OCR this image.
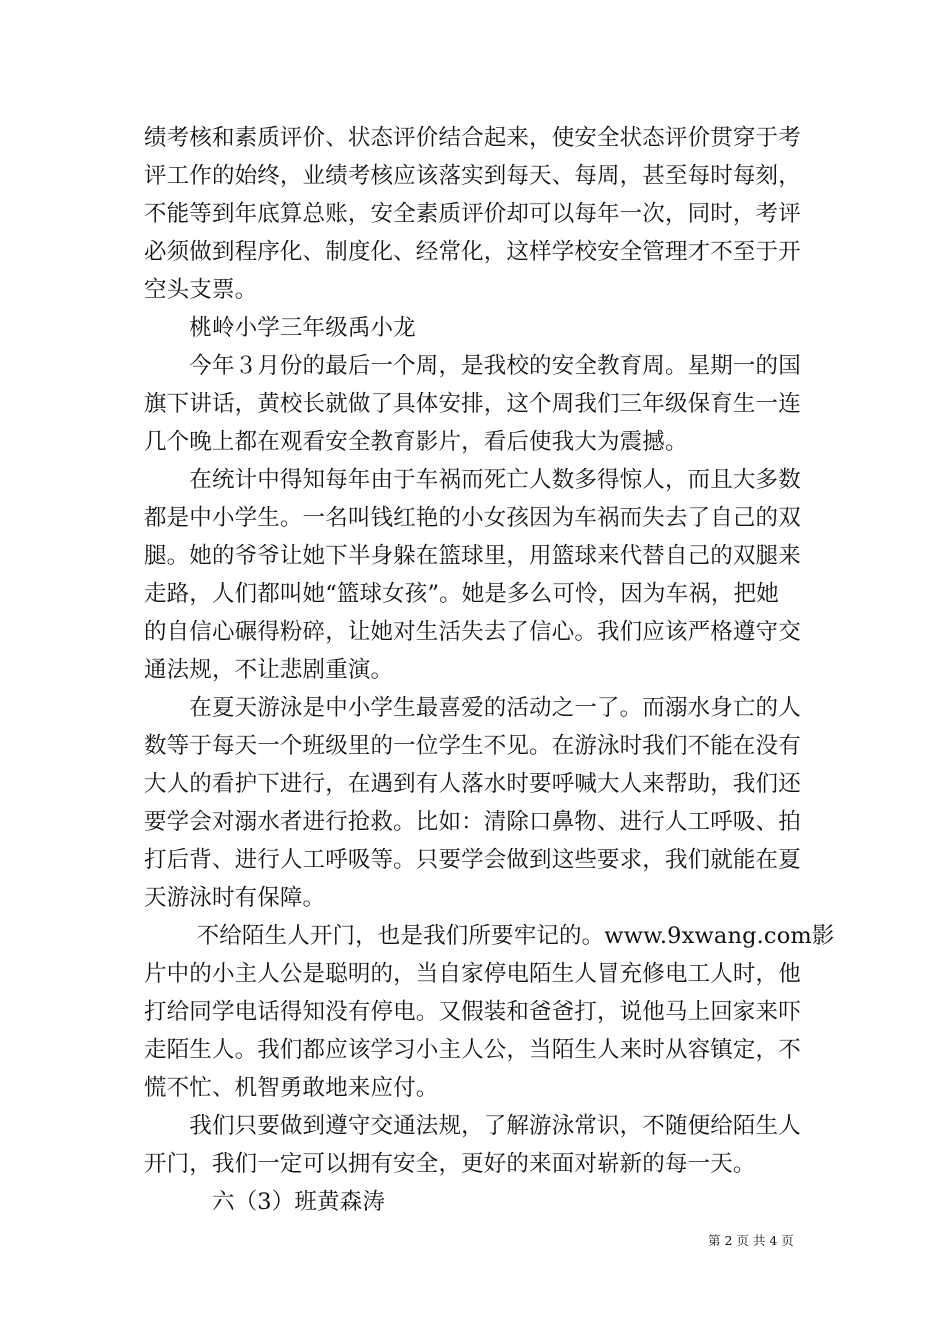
绩考核和素质评价、状态评价结合起来，使安全状态评价贯穿于考
评工作的始终，业绩考核应该落实到每天、每周，甚至每时每刻，
不能等到年底算总账，安全素质评价却可以每年一次，同时，考评
必须做到程序化、制度化、经常化，这样学校安全管理才不至于开
空头支票。
　　桃岭小学三年级禹小龙
　　今年３月份的最后一个周，是我校的安全教育周。星期一的国
旗下讲话，黄校长就做了具体安排，这个周我们三年级保育生一连
几个晚上都在观看安全教育影片，看后使我大为震撼。
　　在统计中得知每年由于车祸而死亡人数多得惊人，而且大多数
都是中小学生。一名叫钱红艳的小女孩因为车祸而失去了自己的双
腿。她的爷爷让她下半身躲在篮球里，用篮球来代替自己的双腿来
走路，人们都叫她“篮球女孩”。她是多么可怜，因为车祸，把她
的自信心碾得粉碎，让她对生活失去了信心。我们应该严格遵守交
通法规，不让悲剧重演。
　　在夏天游泳是中小学生最喜爱的活动之一了。而溺水身亡的人
数等于每天一个班级里的一位学生不见。在游泳时我们不能在没有
大人的看护下进行，在遇到有人落水时要呼喊大人来帮助，我们还
要学会对溺水者进行抢救。比如：清除口鼻物、进行人工呼吸、拍
打后背、进行人工呼吸等。只要学会做到这些要求，我们就能在夏
天游泳时有保障。
　　 不给陌生人开门，也是我们所要牢记的。www.9xwang.com影
片中的小主人公是聪明的，当自家停电陌生人冒充修电工人时，他
打给同学电话得知没有停电。又假装和爸爸打，说他马上回家来吓
走陌生人。我们都应该学习小主人公，当陌生人来时从容镇定，不
慌不忙、机智勇敢地来应付。
　　我们只要做到遵守交通法规，了解游泳常识，不随便给陌生人
开门，我们一定可以拥有安全，更好的来面对崭新的每一天。
　　　六（3）班黄森涛
第 2 页 共 4 页
